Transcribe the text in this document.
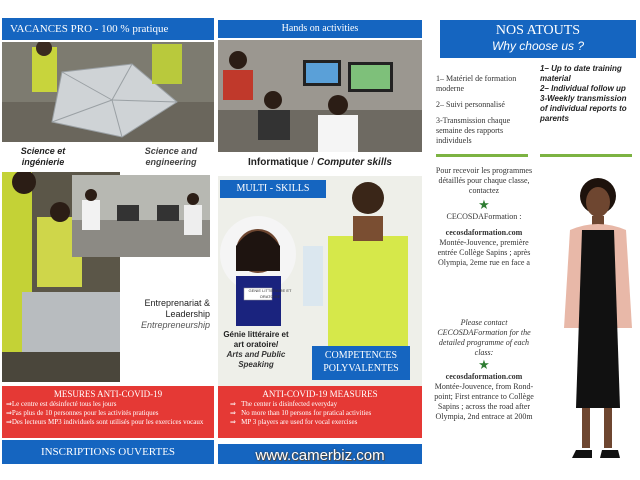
VACANCES PRO - 100 % pratique
Science et ingénierie
Science and engineering
Entreprenariat & Leadership
Entrepreneurship
MESURES ANTI-COVID-19
⇒Le centre est désinfecté tous les jours
⇒Pas plus de 10 personnes pour les activités pratiques
⇒Des lecteurs MP3 individuels sont utilisés pour les exercices vocaux
INSCRIPTIONS OUVERTES
Hands on activities
Informatique / Computer skills
MULTI - SKILLS
GENIE LITTERAIRE ET ORATOIRE
Génie littéraire et art oratoire/
Arts and Public Speaking
COMPETENCES POLYVALENTES
ANTI-COVID-19 MEASURES
⇒   The center is disinfected everyday
⇒   No more than 10 persons for pratical activities
⇒   MP 3 players are used for vocal exercises
www.camerbiz.com
NOS ATOUTS
Why choose us ?
1– Matériel de formation moderne
2– Suivi personnalisé
3-Transmission chaque semaine des rapports individuels
1– Up to date training material
2– Individual follow up
3-Weekly transmission of individual reports to parents
Pour recevoir les programmes détaillés pour chaque classe, contactez
★
CECOSDAFormation :
cecosdaformation.com
Montée-Jouvence, première entrée Collège Sapins ; après Olympia, 2eme rue en face a
Please contact CECOSDAFormation for the detailed programme of each class:
★
cecosdaformation.com
Montée-Jouvence, from Rond-point; First entrance to Collège Sapins ; across the road after Olympia, 2nd entrace at 200m
